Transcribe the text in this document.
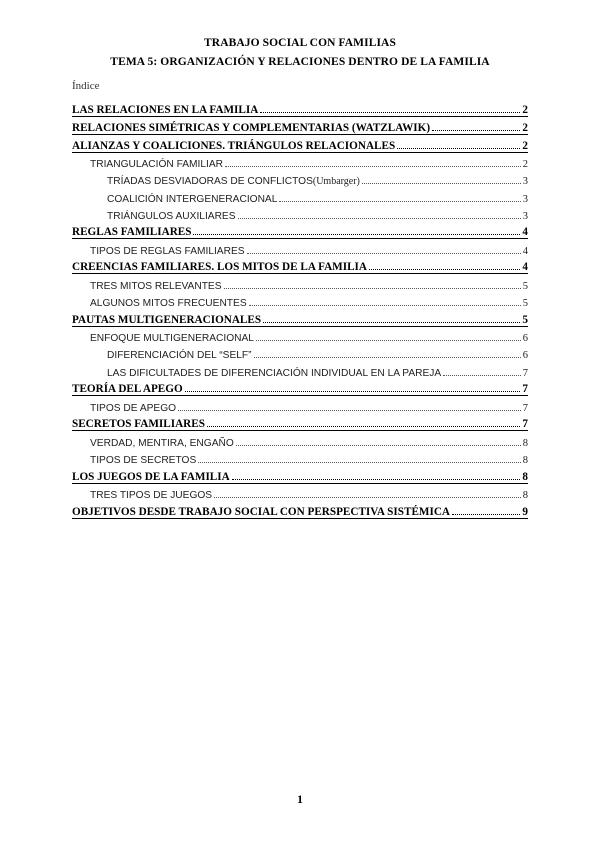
TRABAJO SOCIAL CON FAMILIAS
TEMA 5: ORGANIZACIÓN Y RELACIONES DENTRO DE LA FAMILIA
Índice
LAS RELACIONES EN LA FAMILIA	2
RELACIONES SIMÉTRICAS Y COMPLEMENTARIAS (WATZLAWIK)	2
ALIANZAS Y COALICIONES. TRIÁNGULOS RELACIONALES	2
TRIANGULACIÓN FAMILIAR	2
TRÍADAS DESVIADORAS DE CONFLICTOS (Umbarger)	3
COALICIÓN INTERGENERACIONAL	3
TRIÁNGULOS AUXILIARES	3
REGLAS FAMILIARES	4
TIPOS DE REGLAS FAMILIARES	4
CREENCIAS FAMILIARES. LOS MITOS DE LA FAMILIA	4
TRES MITOS RELEVANTES	5
ALGUNOS MITOS FRECUENTES	5
PAUTAS MULTIGENERACIONALES	5
ENFOQUE MULTIGENERACIONAL	6
DIFERENCIACIÓN DEL “SELF”	6
LAS DIFICULTADES DE DIFERENCIACIÓN INDIVIDUAL EN LA PAREJA	7
TEORÍA DEL APEGO	7
TIPOS DE APEGO	7
SECRETOS FAMILIARES	7
VERDAD, MENTIRA, ENGAÑO	8
TIPOS DE SECRETOS	8
LOS JUEGOS DE LA FAMILIA	8
TRES TIPOS DE JUEGOS	8
OBJETIVOS DESDE TRABAJO SOCIAL CON PERSPECTIVA SISTÉMICA	9
1
